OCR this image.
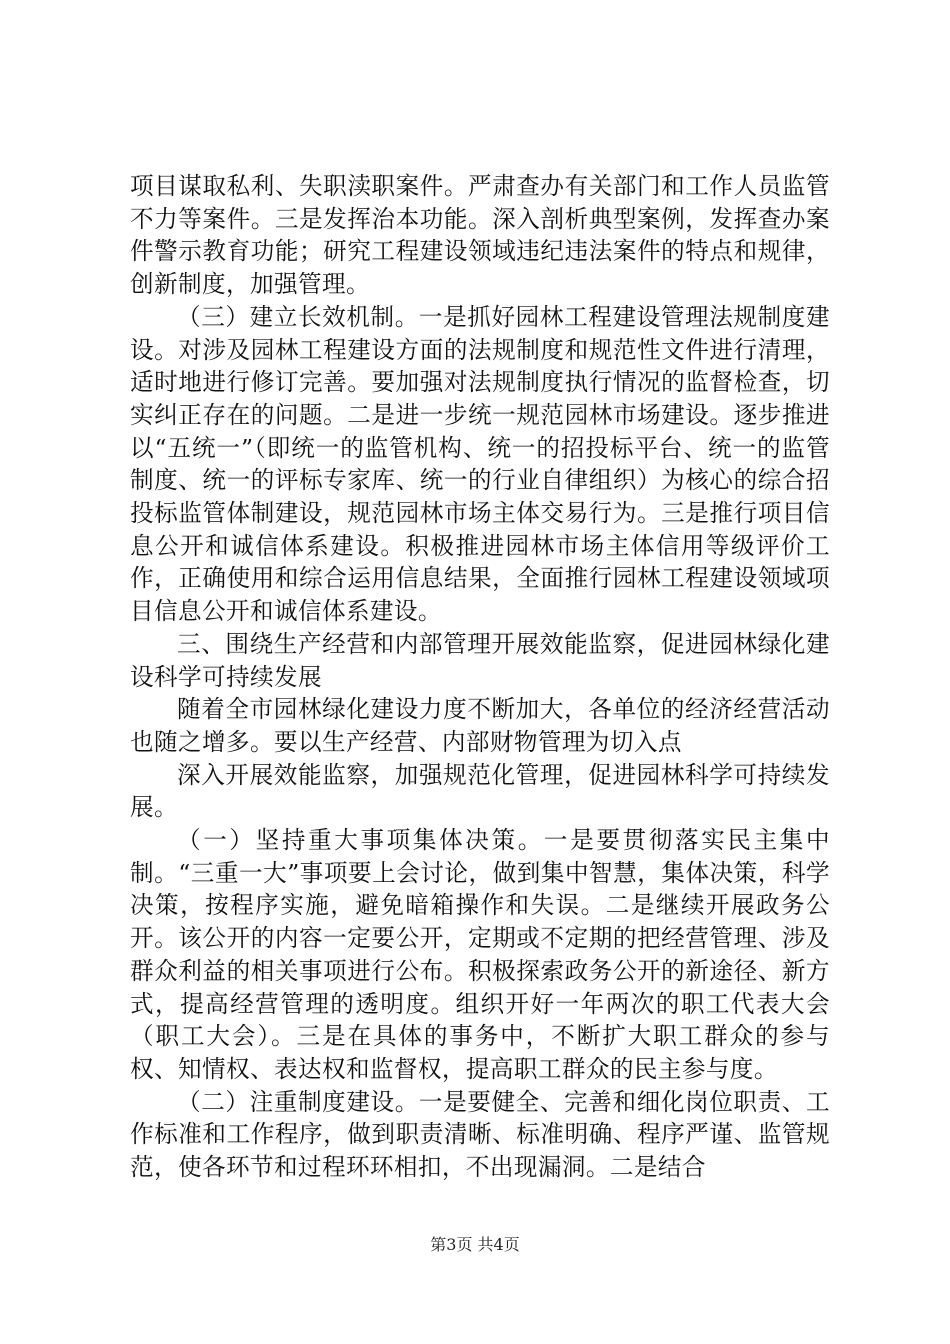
项目谋取私利、失职渎职案件。严肃查办有关部门和工作人员监管不力等案件。三是发挥治本功能。深入剖析典型案例，发挥查办案件警示教育功能；研究工程建设领域违纪违法案件的特点和规律，创新制度，加强管理。

（三）建立长效机制。一是抓好园林工程建设管理法规制度建设。对涉及园林工程建设方面的法规制度和规范性文件进行清理，适时地进行修订完善。要加强对法规制度执行情况的监督检查，切实纠正存在的问题。二是进一步统一规范园林市场建设。逐步推进以“五统一”（即统一的监管机构、统一的招投标平台、统一的监管制度、统一的评标专家库、统一的行业自律组织）为核心的综合招投标监管体制建设，规范园林市场主体交易行为。三是推行项目信息公开和诚信体系建设。积极推进园林市场主体信用等级评价工作，正确使用和综合运用信息结果，全面推行园林工程建设领域项目信息公开和诚信体系建设。

三、围绕生产经营和内部管理开展效能监察，促进园林绿化建设科学可持续发展

随着全市园林绿化建设力度不断加大，各单位的经济经营活动也随之增多。要以生产经营、内部财物管理为切入点

深入开展效能监察，加强规范化管理，促进园林科学可持续发展。

（一）坚持重大事项集体决策。一是要贯彻落实民主集中制。“三重一大”事项要上会讨论，做到集中智慧，集体决策，科学决策，按程序实施，避免暗箱操作和失误。二是继续开展政务公开。该公开的内容一定要公开，定期或不定期的把经营管理、涉及群众利益的相关事项进行公布。积极探索政务公开的新途径、新方式，提高经营管理的透明度。组织开好一年两次的职工代表大会（职工大会）。三是在具体的事务中，不断扩大职工群众的参与权、知情权、表达权和监督权，提高职工群众的民主参与度。

（二）注重制度建设。一是要健全、完善和细化岗位职责、工作标准和工作程序，做到职责清晰、标准明确、程序严谨、监管规范，使各环节和过程环环相扣，不出现漏洞。二是结合

第3页 共4页
